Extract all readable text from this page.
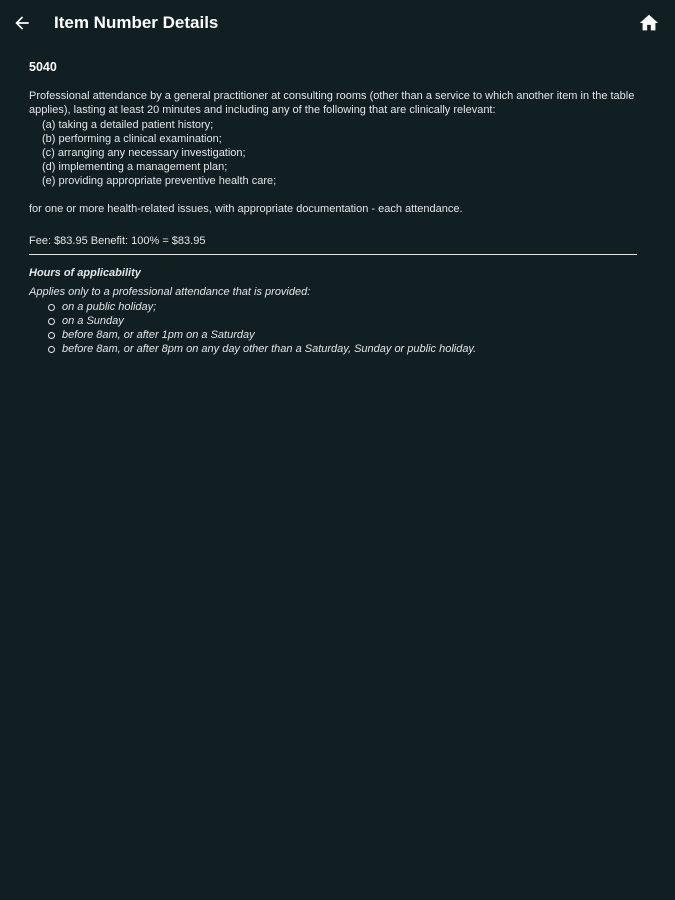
Item Number Details
5040

Professional attendance by a general practitioner at consulting rooms (other than a service to which another item in the table applies), lasting at least 20 minutes and including any of the following that are clinically relevant:

(a) taking a detailed patient history;
(b) performing a clinical examination;
(c) arranging any necessary investigation;
(d) implementing a management plan;
(e) providing appropriate preventive health care;

for one or more health-related issues, with appropriate documentation - each attendance.

Fee: $83.95 Benefit: 100% = $83.95

Hours of applicability
Applies only to a professional attendance that is provided:
on a public holiday;
on a Sunday
before 8am, or after 1pm on a Saturday
before 8am, or after 8pm on any day other than a Saturday, Sunday or public holiday.
